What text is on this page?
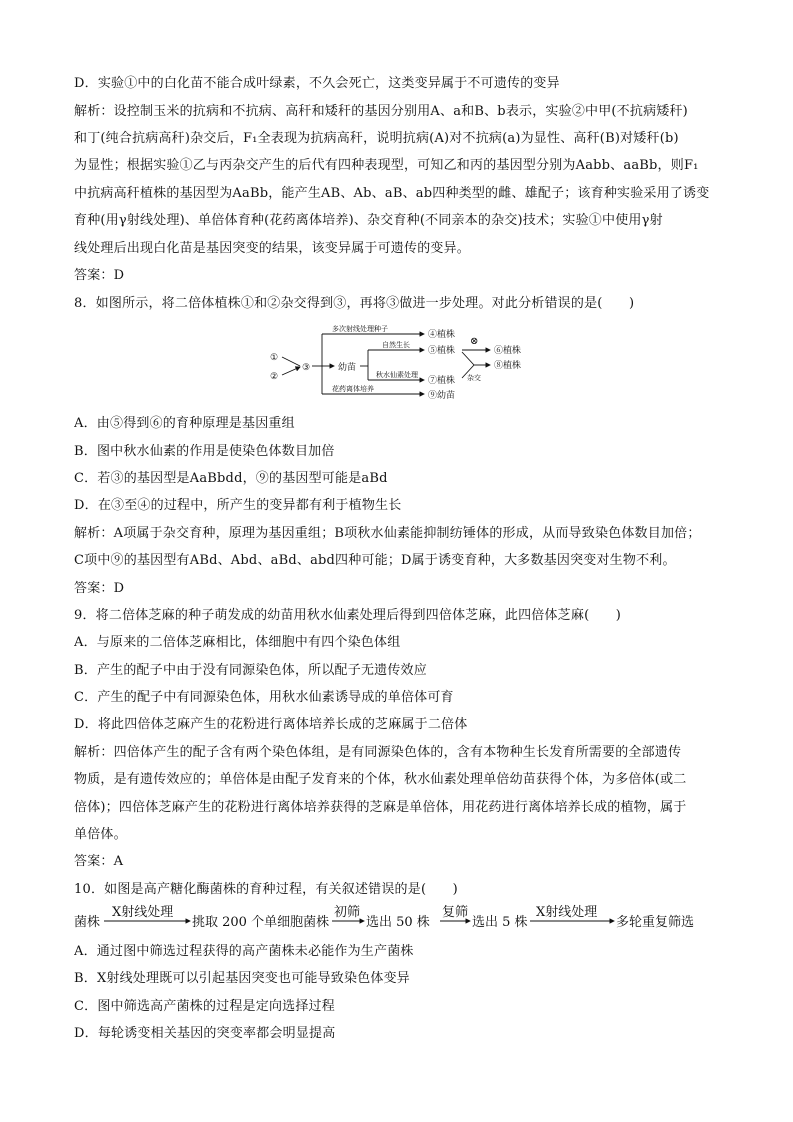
D．实验①中的白化苗不能合成叶绿素，不久会死亡，这类变异属于不可遗传的变异
解析：设控制玉米的抗病和不抗病、高秆和矮秆的基因分别用A、a和B、b表示，实验②中甲(不抗病矮秆)
和丁(纯合抗病高秆)杂交后，F₁全表现为抗病高秆，说明抗病(A)对不抗病(a)为显性、高秆(B)对矮秆(b)
为显性；根据实验①乙与丙杂交产生的后代有四种表现型，可知乙和丙的基因型分别为Aabb、aaBb，则F₁
中抗病高秆植株的基因型为AaBb，能产生AB、Ab、aB、ab四种类型的雌、雄配子；该育种实验采用了诱变
育种(用γ射线处理)、单倍体育种(花药离体培养)、杂交育种(不同亲本的杂交)技术；实验①中使用γ射
线处理后出现白化苗是基因突变的结果，该变异属于可遗传的变异。
答案：D
8．如图所示，将二倍体植株①和②杂交得到③，再将③做进一步处理。对此分析错误的是(　　)
①
②
③	幼苗
多次射线处理种子
自然生长
秋水仙素处理
花药离体培养
④植株
⑤植株
⑦植株
⑨幼苗
⑥植株
⑧植株
⊗
杂交
A．由⑤得到⑥的育种原理是基因重组
B．图中秋水仙素的作用是使染色体数目加倍
C．若③的基因型是AaBbdd，⑨的基因型可能是aBd
D．在③至④的过程中，所产生的变异都有利于植物生长
解析：A项属于杂交育种，原理为基因重组；B项秋水仙素能抑制纺锤体的形成，从而导致染色体数目加倍；
C项中⑨的基因型有ABd、Abd、aBd、abd四种可能；D属于诱变育种，大多数基因突变对生物不利。
答案：D
9．将二倍体芝麻的种子萌发成的幼苗用秋水仙素处理后得到四倍体芝麻，此四倍体芝麻(　　)
A．与原来的二倍体芝麻相比，体细胞中有四个染色体组
B．产生的配子中由于没有同源染色体，所以配子无遗传效应
C．产生的配子中有同源染色体，用秋水仙素诱导成的单倍体可育
D．将此四倍体芝麻产生的花粉进行离体培养长成的芝麻属于二倍体
解析：四倍体产生的配子含有两个染色体组，是有同源染色体的，含有本物种生长发育所需要的全部遗传
物质，是有遗传效应的；单倍体是由配子发育来的个体，秋水仙素处理单倍幼苗获得个体，为多倍体(或二
倍体)；四倍体芝麻产生的花粉进行离体培养获得的芝麻是单倍体，用花药进行离体培养长成的植物，属于
单倍体。
答案：A
10．如图是高产糖化酶菌株的育种过程，有关叙述错误的是(　　)
菌株
X射线处理
挑取 200 个单细胞菌株
初筛
选出 50 株
复筛
选出 5 株
X射线处理
多轮重复筛选
A．通过图中筛选过程获得的高产菌株未必能作为生产菌株
B．X射线处理既可以引起基因突变也可能导致染色体变异
C．图中筛选高产菌株的过程是定向选择过程
D．每轮诱变相关基因的突变率都会明显提高
